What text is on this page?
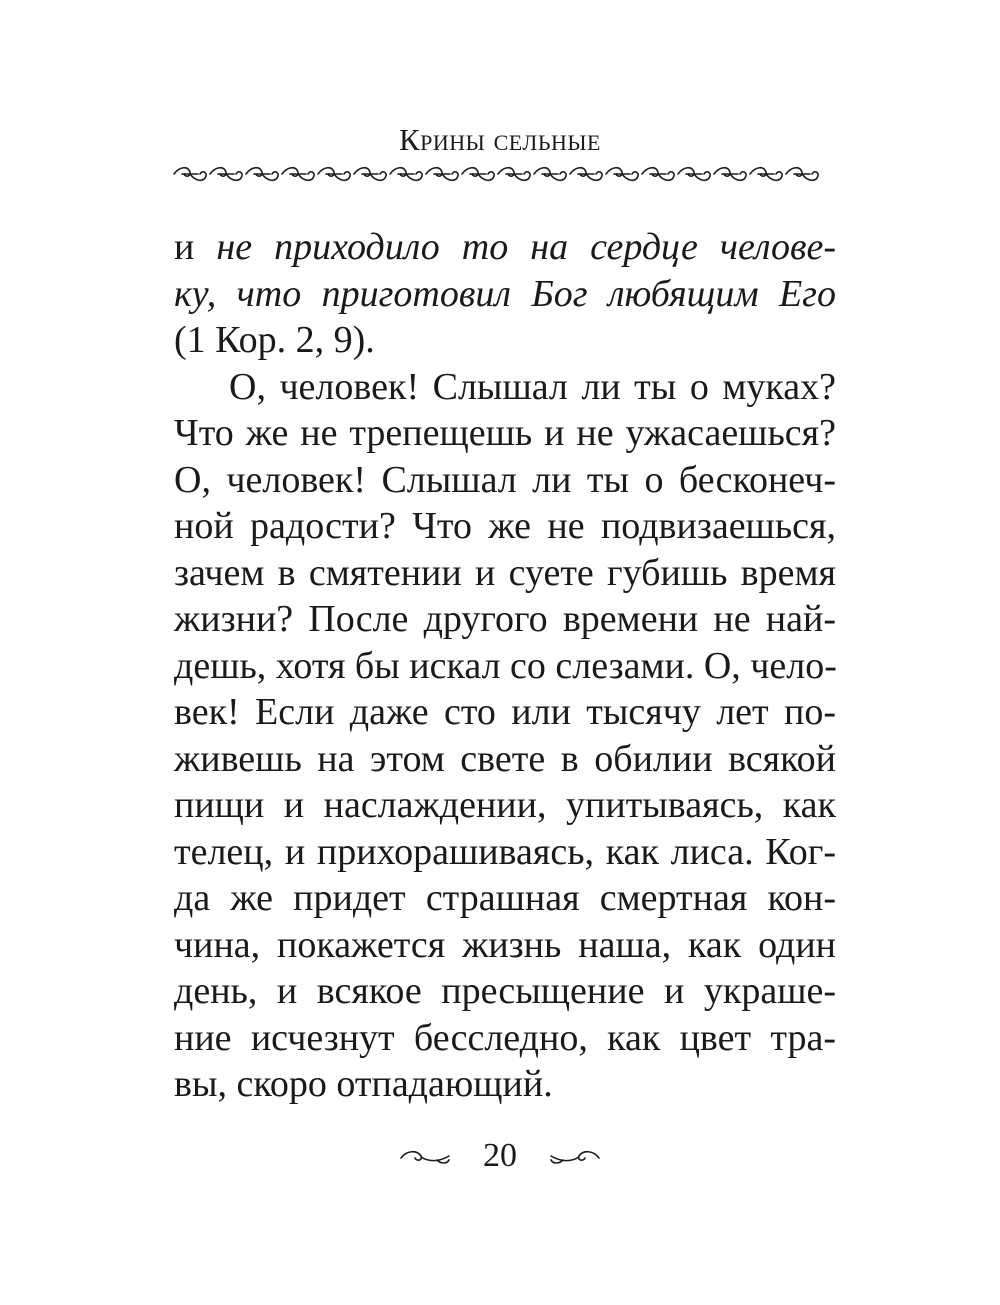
Крины сельные
и не приходило то на сердце челове-
ку, что приготовил Бог любящим Его
(1 Кор. 2, 9).
О, человек! Слышал ли ты о муках?
Что же не трепещешь и не ужасаешься?
О, человек! Слышал ли ты о бесконеч-
ной радости? Что же не подвизаешься,
зачем в смятении и суете губишь время
жизни? После другого времени не най-
дешь, хотя бы искал со слезами. О, чело-
век! Если даже сто или тысячу лет по-
живешь на этом свете в обилии всякой
пищи и наслаждении, упитываясь, как
телец, и прихорашиваясь, как лиса. Ког-
да же придет страшная смертная кон-
чина, покажется жизнь наша, как один
день, и всякое пресыщение и украше-
ние исчезнут бесследно, как цвет тра-
вы, скоро отпадающий.
20
